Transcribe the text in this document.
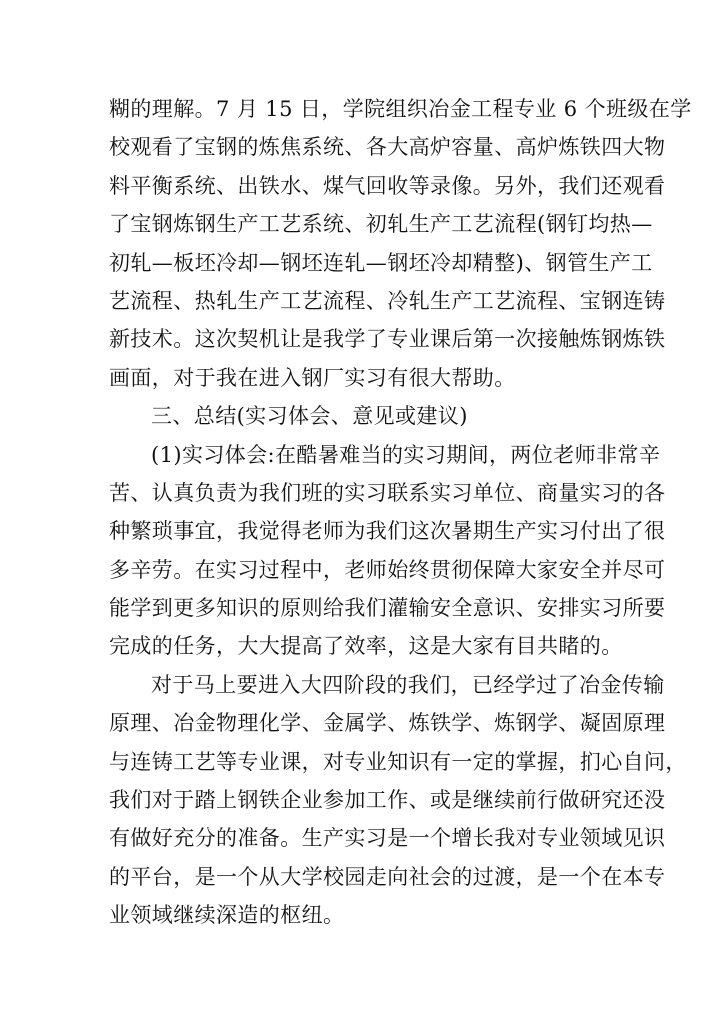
糊的理解。7 月 15 日，学院组织冶金工程专业 6 个班级在学
校观看了宝钢的炼焦系统、各大高炉容量、高炉炼铁四大物
料平衡系统、出铁水、煤气回收等录像。另外，我们还观看
了宝钢炼钢生产工艺系统、初轧生产工艺流程(钢钉均热—
初轧—板坯冷却—钢坯连轧—钢坯冷却精整)、钢管生产工
艺流程、热轧生产工艺流程、冷轧生产工艺流程、宝钢连铸
新技术。这次契机让是我学了专业课后第一次接触炼钢炼铁
画面，对于我在进入钢厂实习有很大帮助。
三、总结(实习体会、意见或建议)
(1)实习体会:在酷暑难当的实习期间，两位老师非常辛
苦、认真负责为我们班的实习联系实习单位、商量实习的各
种繁琐事宜，我觉得老师为我们这次暑期生产实习付出了很
多辛劳。在实习过程中，老师始终贯彻保障大家安全并尽可
能学到更多知识的原则给我们灌输安全意识、安排实习所要
完成的任务，大大提高了效率，这是大家有目共睹的。
对于马上要进入大四阶段的我们，已经学过了冶金传输
原理、冶金物理化学、金属学、炼铁学、炼钢学、凝固原理
与连铸工艺等专业课，对专业知识有一定的掌握，扪心自问，
我们对于踏上钢铁企业参加工作、或是继续前行做研究还没
有做好充分的准备。生产实习是一个增长我对专业领域见识
的平台，是一个从大学校园走向社会的过渡，是一个在本专
业领域继续深造的枢纽。
